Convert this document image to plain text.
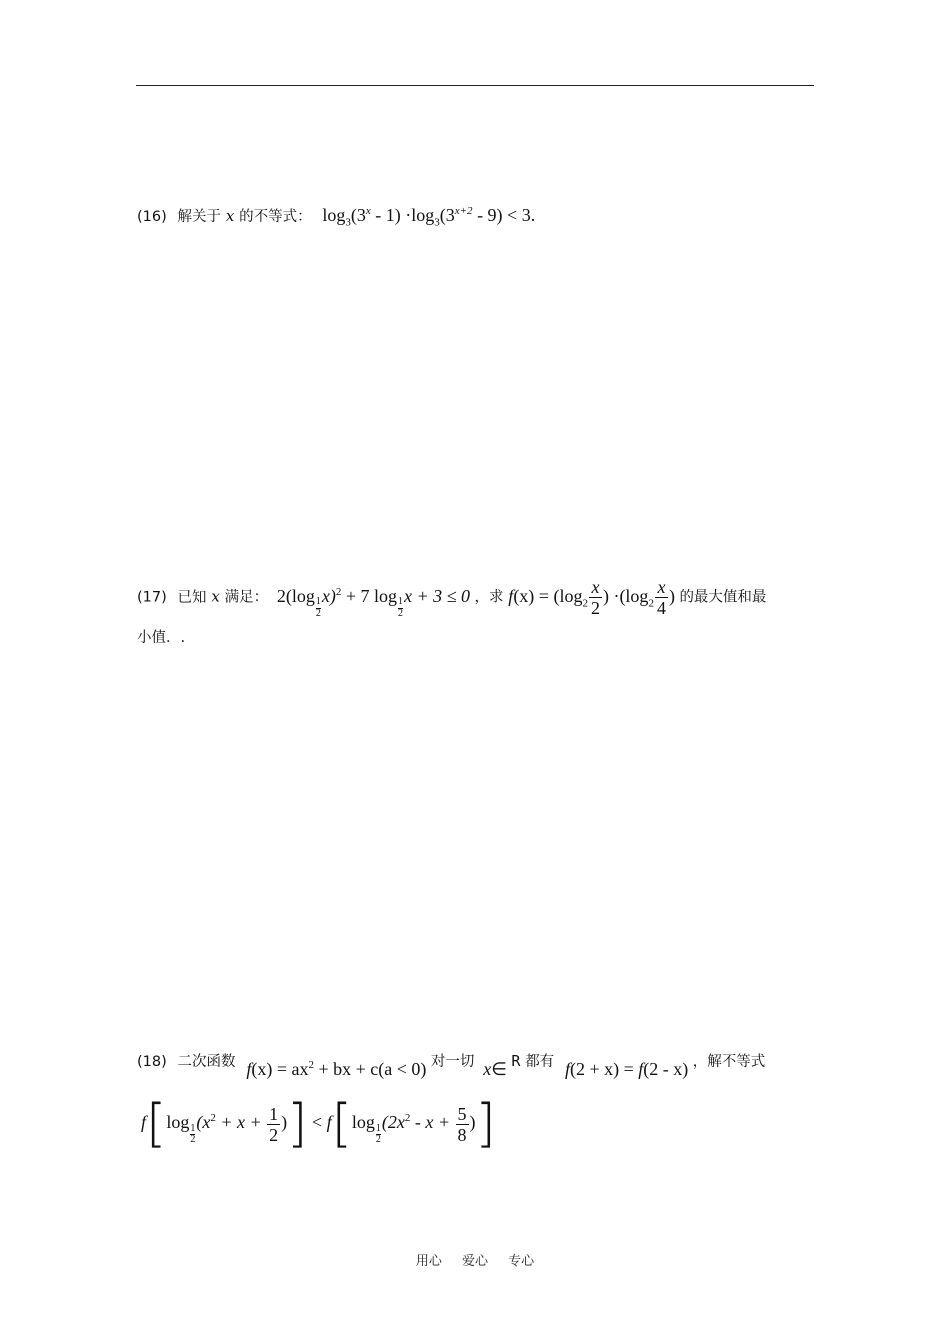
(16) 解关于 x 的不等式： $\log_3(3^x - 1) \cdot\log_3(3^{x+2} - 9) < 3$.
(17) 已知 x 满足： 2(log
$\frac{1}{2}$
x)$^2$ + 7 log
$\frac{1}{2}$
x + 3 ≤ 0 ，求 $f(x) = (\log_2 \frac{x}{2}$ ) $\cdot(\log_2 \frac{x}{4}$ ) 的最大值和最
小值．.
(18) 二次函数 $f(x) = ax^2$ + bx + c(a < 0) 对一切 x∈ R 都有 f(2 + x) = f(2 - x) ，解不等式
f[log
$\frac{1}{2}$
($x^2 + x + \frac{1}{2}$ )] < f[log
$\frac{1}{2}$
($2x^2 - x + \frac{5}{8}$ )]
用心 爱心 专心
